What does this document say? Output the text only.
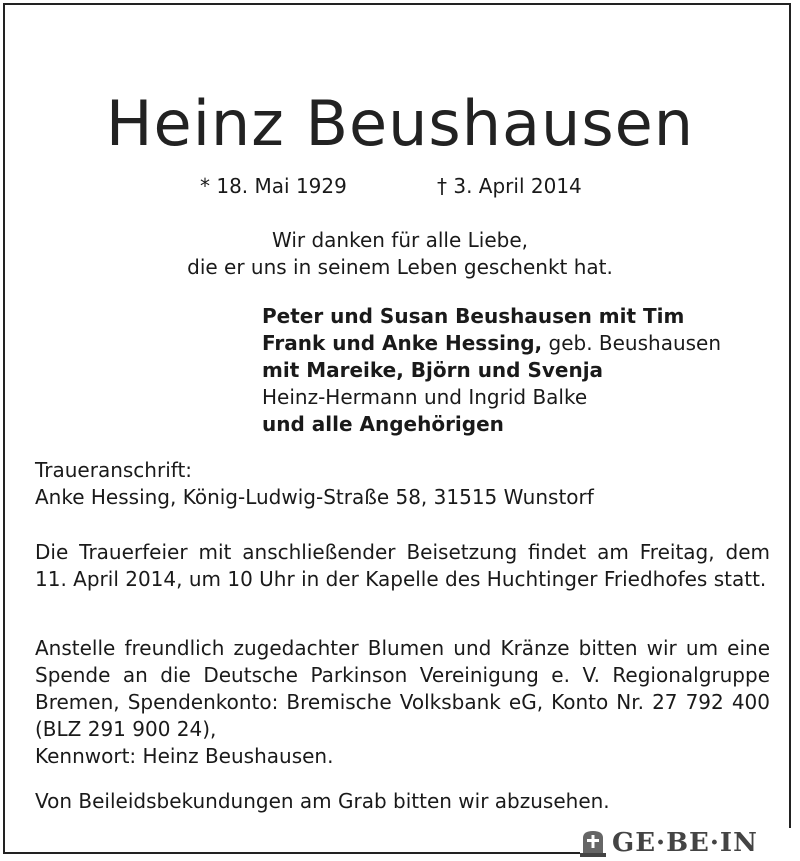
Heinz Beushausen
* 18. Mai 1929	† 3. April 2014
Wir danken für alle Liebe,
die er uns in seinem Leben geschenkt hat.
Peter und Susan Beushausen mit Tim
Frank und Anke Hessing, geb. Beushausen
mit Mareike, Björn und Svenja
Heinz-Hermann und Ingrid Balke
und alle Angehörigen
Traueranschrift:
Anke Hessing, König-Ludwig-Straße 58, 31515 Wunstorf
Die Trauerfeier mit anschließender Beisetzung findet am Freitag, dem 11. April 2014, um 10 Uhr in der Kapelle des Huchtinger Friedhofes statt.
Anstelle freundlich zugedachter Blumen und Kränze bitten wir um eine Spende an die Deutsche Parkinson Vereinigung e. V. Regionalgruppe Bremen, Spendenkonto: Bremische Volksbank eG, Konto Nr. 27 792 400 (BLZ 291 900 24),
Kennwort: Heinz Beushausen.
Von Beileidsbekundungen am Grab bitten wir abzusehen.
GE·BE·IN
